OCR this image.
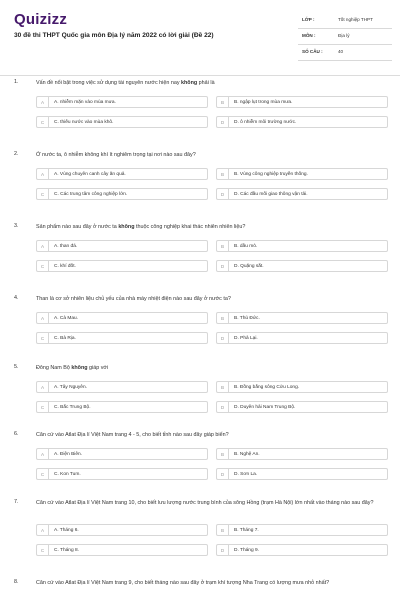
Quizizz
30 đề thi THPT Quốc gia môn Địa lý năm 2022 có lời giải (Đề 22)
LỚP :	Tốt nghiệp THPT
MÔN :	Địa lý
SỐ CÂU :	40
1.	Vấn đề nổi bật trong việc sử dụng tài nguyên nước hiện nay không phải là
A	A. nhiễm mặn vào mùa mưa.	B	B. ngập lụt trong mùa mưa.
C	C. thiếu nước vào mùa khô.	D	D. ô nhiễm môi trường nước.
2.	Ở nước ta, ô nhiễm không khí ít nghiêm trọng tại nơi nào sau đây?
A	A. Vùng chuyên canh cây ăn quả.	B	B. Vùng công nghiệp truyền thống.
C	C. Các trung tâm công nghiệp lớn.	D	D. Các đầu mối giao thông vận tải.
3.	Sản phẩm nào sau đây ở nước ta không thuộc công nghiệp khai thác nhiên nhiên liệu?
A	A. than đá.	B	B. dầu mỏ.
C	C. khí đốt.	D	D. Quặng sắt.
4.	Than là cơ sở nhiên liệu chủ yếu của nhà máy nhiệt điện nào sau đây ở nước ta?
A	A. Cà Mau.	B	B. Thủ Đức.
C	C. Bà Rịa.	D	D. Phả Lại.
5.	Đông Nam Bộ không giáp với
A	A. Tây Nguyên.	B	B. Đồng bằng sông Cửu Long.
C	C. Bắc Trung Bộ.	D	D. Duyên hải Nam Trung Bộ.
6.	Căn cứ vào Atlat Địa lí Việt Nam trang 4 - 5, cho biết tỉnh nào sau đây giáp biển?
A	A. Điện Biên.	B	B. Nghệ An.
C	C. Kon Tum.	D	D. Sơn La.
7.	Căn cứ vào Atlat Địa lí Việt Nam trang 10, cho biết lưu lượng nước trung bình của sông Hồng (trạm Hà Nội) lớn nhất vào tháng nào sau đây?
A	A. Tháng 6.	B	B. Tháng 7.
C	C. Tháng 8.	D	D. Tháng 9.
8.	Căn cứ vào Atlat Địa lí Việt Nam trang 9, cho biết tháng nào sau đây ở trạm khí tượng Nha Trang có lượng mưa nhỏ nhất?
